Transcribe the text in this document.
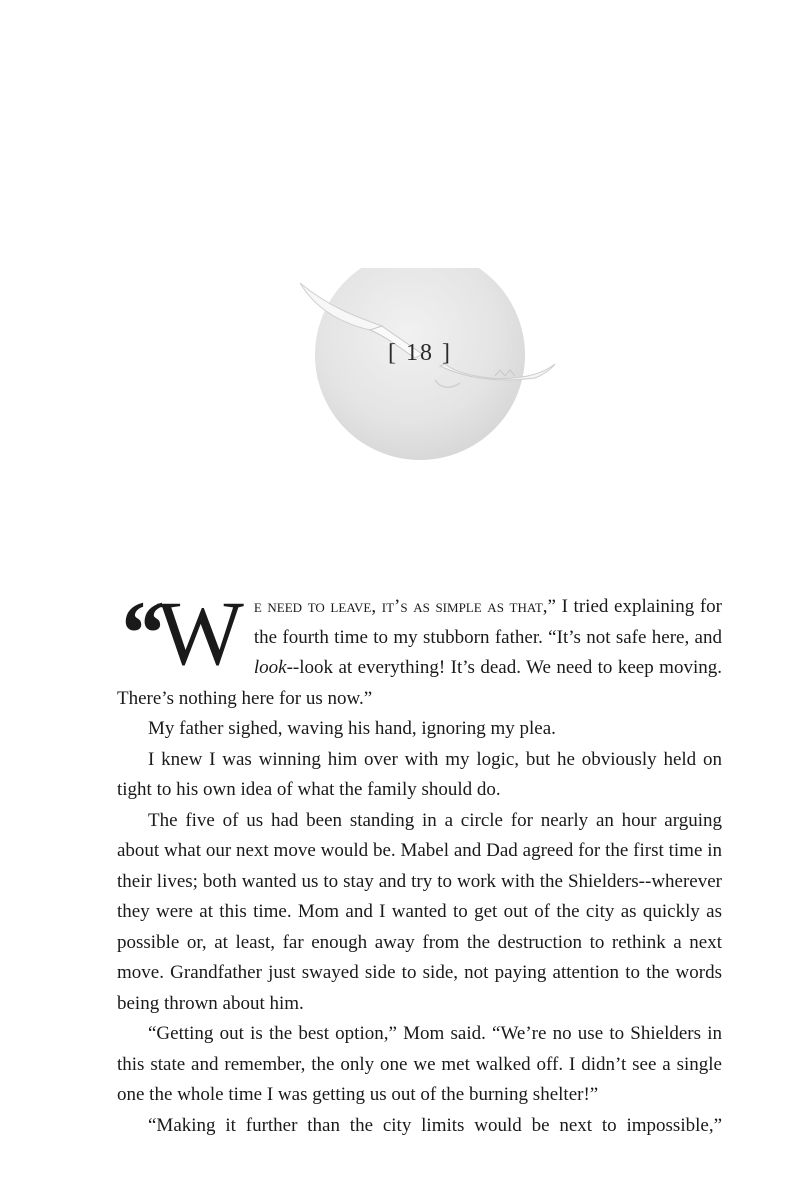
[ 18 ]

“W e need to leave, it’s as simple as that,” I tried explaining for the fourth time to my stubborn father. “It’s not safe here, and look--look at everything! It’s dead. We need to keep moving. There’s nothing here for us now.”

My father sighed, waving his hand, ignoring my plea.

I knew I was winning him over with my logic, but he obviously held on tight to his own idea of what the family should do.

The five of us had been standing in a circle for nearly an hour arguing about what our next move would be. Mabel and Dad agreed for the first time in their lives; both wanted us to stay and try to work with the Shielders--wherever they were at this time. Mom and I wanted to get out of the city as quickly as possible or, at least, far enough away from the destruction to rethink a next move. Grandfather just swayed side to side, not paying attention to the words being thrown about him.

“Getting out is the best option,” Mom said. “We’re no use to Shielders in this state and remember, the only one we met walked off. I didn’t see a single one the whole time I was getting us out of the burning shelter!”

“Making it further than the city limits would be next to impossible,”
